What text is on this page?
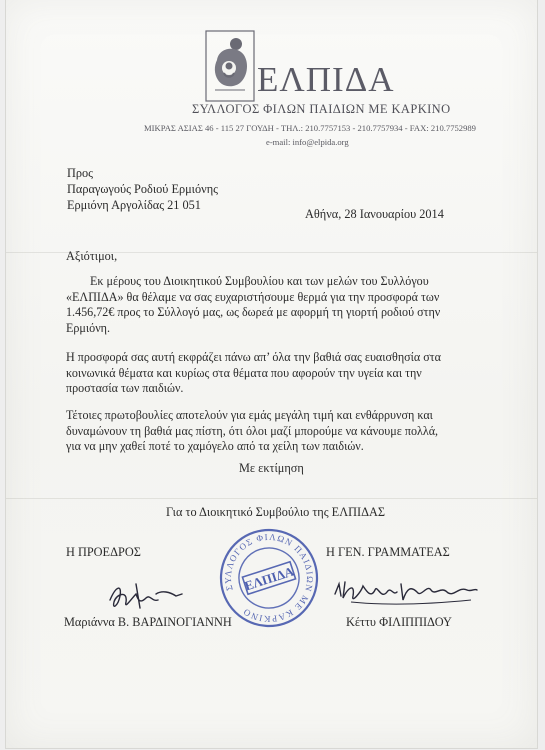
ΕΛΠΙΔΑ
ΣΥΛΛΟΓΟΣ ΦΙΛΩΝ ΠΑΙΔΙΩΝ ΜΕ ΚΑΡΚΙΝΟ
ΜΙΚΡΑΣ ΑΣΙΑΣ 46 - 115 27 ΓΟΥΔΗ - ΤΗΛ.: 210.7757153 - 210.7757934 - FAX: 210.7752989
e-mail: info@elpida.org
Προς
Παραγωγούς Ροδιού Ερμιόνης
Ερμιόνη Αργολίδας 21 051
Αθήνα, 28 Ιανουαρίου 2014
Αξιότιμοι,
Εκ μέρους του Διοικητικού Συμβουλίου και των μελών του Συλλόγου
«ΕΛΠΙΔΑ» θα θέλαμε να σας ευχαριστήσουμε θερμά για την προσφορά των
1.456,72€ προς το Σύλλογό μας, ως δωρεά με αφορμή τη γιορτή ροδιού στην
Ερμιόνη.
Η προσφορά σας αυτή εκφράζει πάνω απ’ όλα την βαθιά σας ευαισθησία στα
κοινωνικά θέματα και κυρίως στα θέματα που αφορούν την υγεία και την
προστασία των παιδιών.
Τέτοιες πρωτοβουλίες αποτελούν για εμάς μεγάλη τιμή και ενθάρρυνση και
δυναμώνουν τη βαθιά μας πίστη, ότι όλοι μαζί μπορούμε να κάνουμε πολλά,
για να μην χαθεί ποτέ το χαμόγελο από τα χείλη των παιδιών.
Με εκτίμηση
Για το Διοικητικό Συμβούλιο της ΕΛΠΙΔΑΣ
Η ΠΡΟΕΔΡΟΣ	Η ΓΕΝ. ΓΡΑΜΜΑΤΕΑΣ
ΣΥΛΛΟΓΟΣ ΦΙΛΩΝ ΠΑΙΔΙΩΝ ΜΕ ΚΑΡΚΙΝΟ
ΕΛΠΙΔΑ
Μαριάννα Β. ΒΑΡΔΙΝΟΓΙΑΝΝΗ	Κέττυ ΦΙΛΙΠΠΙΔΟΥ
